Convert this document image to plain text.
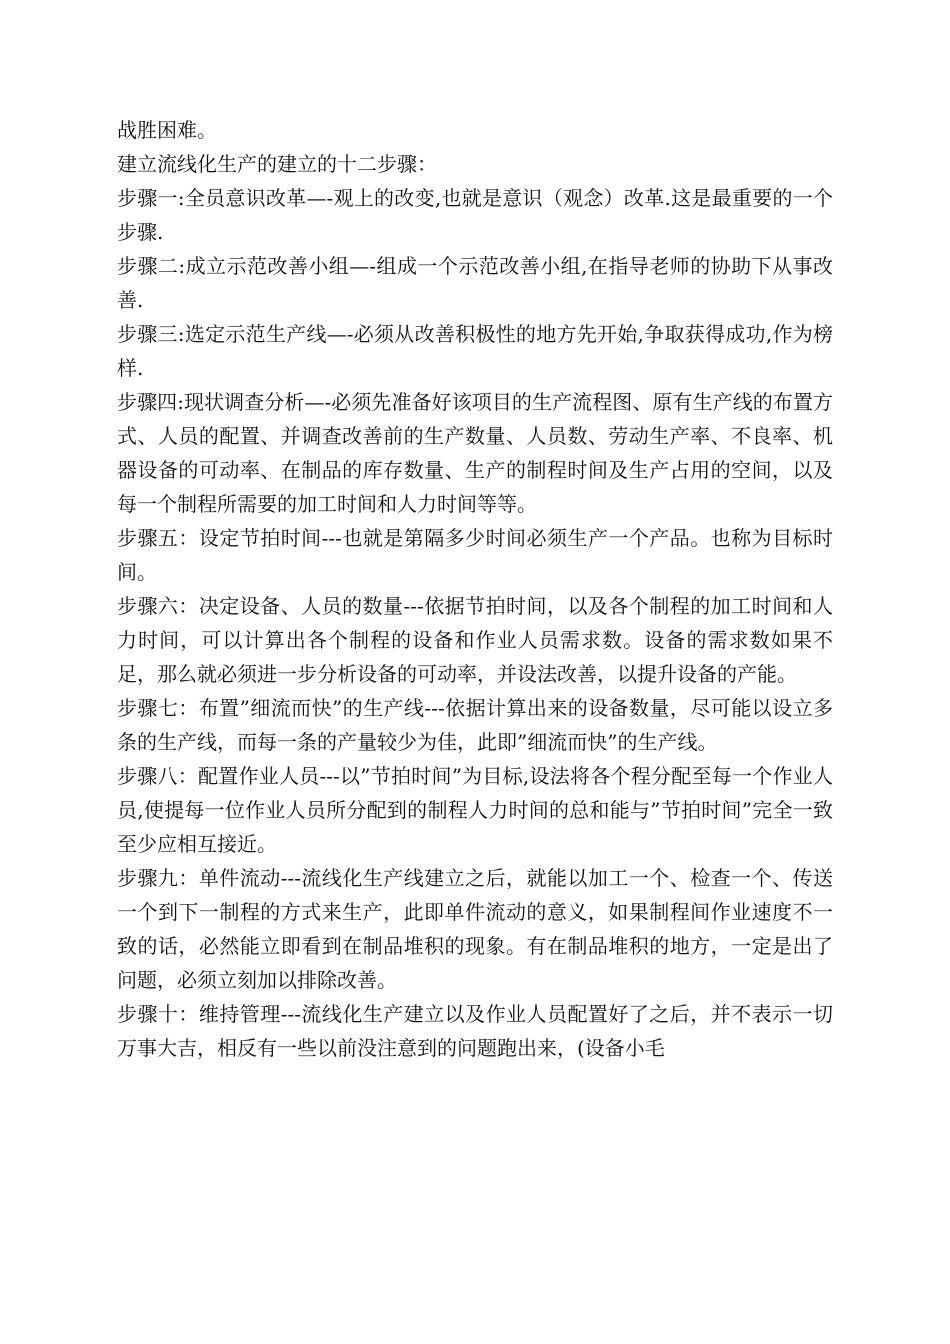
战胜困难。

建立流线化生产的建立的十二步骤：

步骤一:全员意识改革—-观上的改变,也就是意识（观念）改革.这是最重要的一个步骤.

步骤二:成立示范改善小组—-组成一个示范改善小组,在指导老师的协助下从事改善.

步骤三:选定示范生产线—-必须从改善积极性的地方先开始,争取获得成功,作为榜样.

步骤四:现状调查分析—-必须先准备好该项目的生产流程图、原有生产线的布置方式、人员的配置、并调查改善前的生产数量、人员数、劳动生产率、不良率、机器设备的可动率、在制品的库存数量、生产的制程时间及生产占用的空间，以及每一个制程所需要的加工时间和人力时间等等。

步骤五：设定节拍时间---也就是第隔多少时间必须生产一个产品。也称为目标时间。

步骤六：决定设备、人员的数量---依据节拍时间，以及各个制程的加工时间和人力时间，可以计算出各个制程的设备和作业人员需求数。设备的需求数如果不足，那么就必须进一步分析设备的可动率，并设法改善，以提升设备的产能。

步骤七：布置”细流而快”的生产线---依据计算出来的设备数量，尽可能以设立多条的生产线，而每一条的产量较少为佳，此即”细流而快”的生产线。

步骤八：配置作业人员---以”节拍时间”为目标,设法将各个程分配至每一个作业人员,使提每一位作业人员所分配到的制程人力时间的总和能与”节拍时间”完全一致至少应相互接近。

步骤九：单件流动---流线化生产线建立之后，就能以加工一个、检查一个、传送一个到下一制程的方式来生产，此即单件流动的意义，如果制程间作业速度不一致的话，必然能立即看到在制品堆积的现象。有在制品堆积的地方，一定是出了问题，必须立刻加以排除改善。

步骤十：维持管理---流线化生产建立以及作业人员配置好了之后，并不表示一切万事大吉，相反有一些以前没注意到的问题跑出来，(设备小毛
